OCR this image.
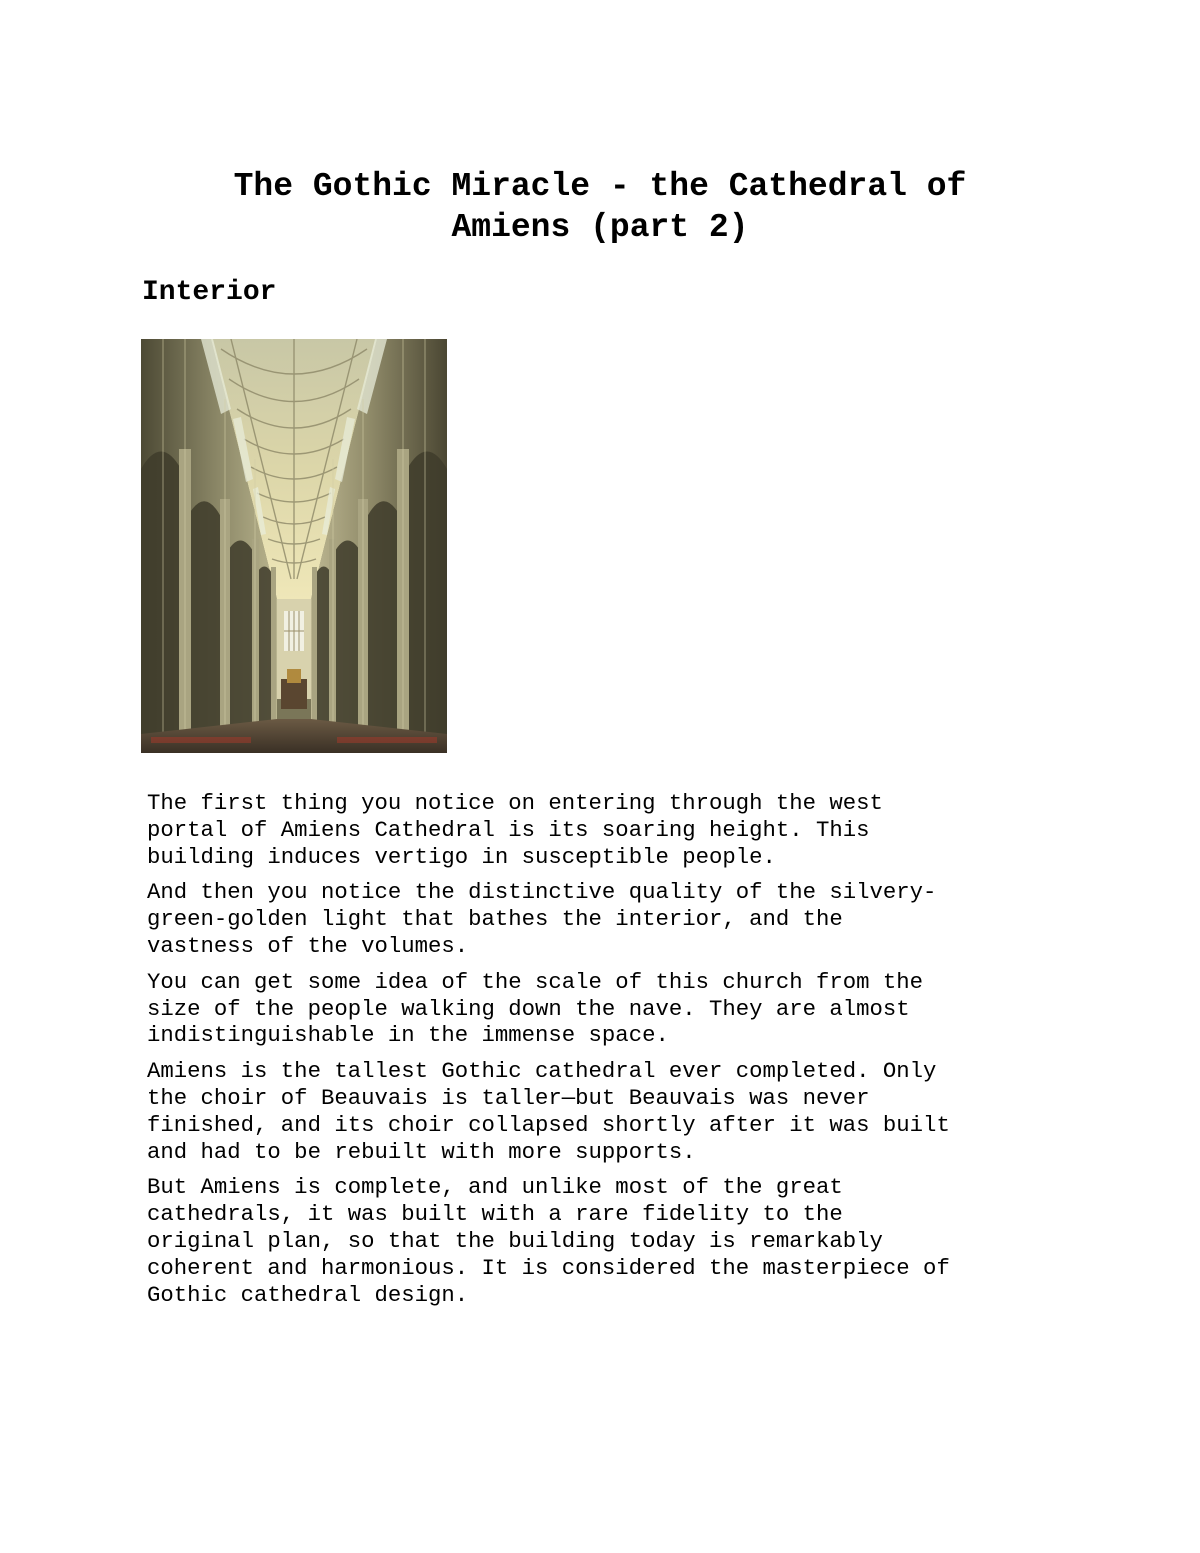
The Gothic Miracle - the Cathedral of
Amiens (part 2)
Interior

The first thing you notice on entering through the west
portal of Amiens Cathedral is its soaring height. This
building induces vertigo in susceptible people.

And then you notice the distinctive quality of the silvery-
green-golden light that bathes the interior, and the
vastness of the volumes.

You can get some idea of the scale of this church from the
size of the people walking down the nave. They are almost
indistinguishable in the immense space.

Amiens is the tallest Gothic cathedral ever completed. Only
the choir of Beauvais is taller—but Beauvais was never
finished, and its choir collapsed shortly after it was built
and had to be rebuilt with more supports.

But Amiens is complete, and unlike most of the great
cathedrals, it was built with a rare fidelity to the
original plan, so that the building today is remarkably
coherent and harmonious. It is considered the masterpiece of
Gothic cathedral design.
